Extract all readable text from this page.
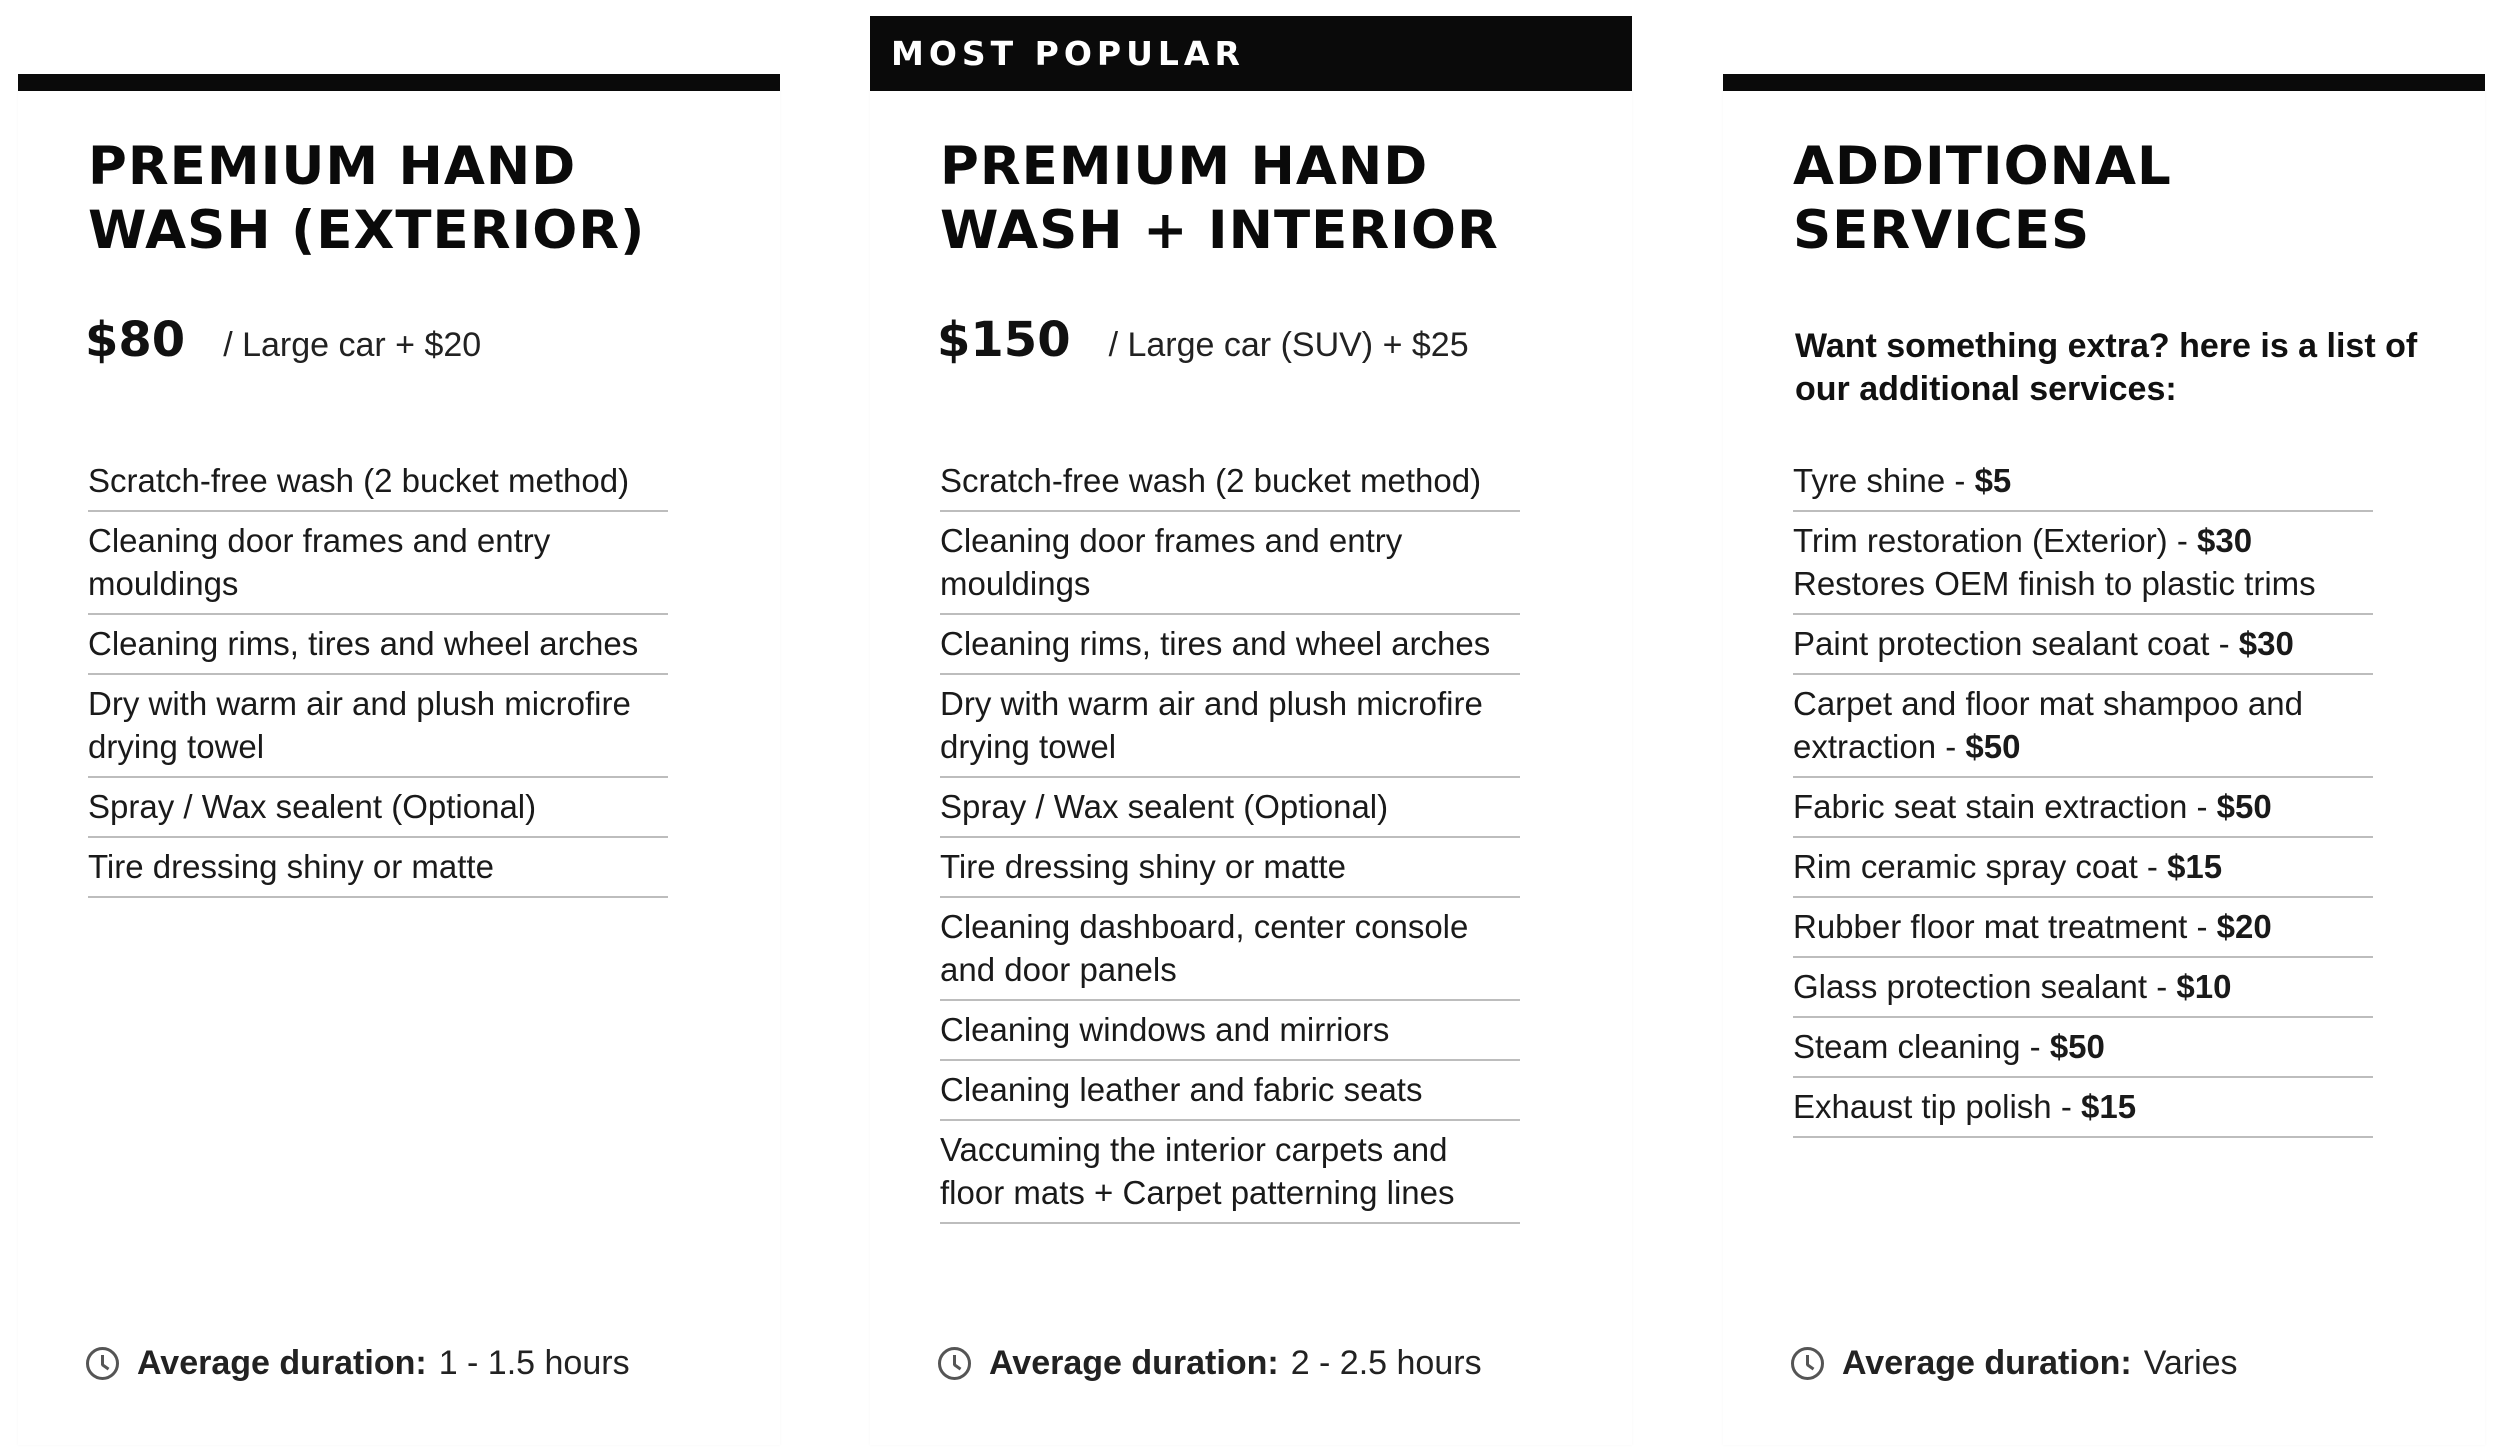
PREMIUM HAND
WASH (EXTERIOR)
$80 / Large car + $20
Scratch-free wash (2 bucket method)
Cleaning door frames and entry mouldings
Cleaning rims, tires and wheel arches
Dry with warm air and plush microfire drying towel
Spray / Wax sealent (Optional)
Tire dressing shiny or matte
Average duration: 1 - 1.5 hours
MOST POPULAR
PREMIUM HAND
WASH + INTERIOR
$150 / Large car (SUV) + $25
Scratch-free wash (2 bucket method)
Cleaning door frames and entry mouldings
Cleaning rims, tires and wheel arches
Dry with warm air and plush microfire drying towel
Spray / Wax sealent (Optional)
Tire dressing shiny or matte
Cleaning dashboard, center console and door panels
Cleaning windows and mirriors
Cleaning leather and fabric seats
Vaccuming the interior carpets and floor mats + Carpet patterning lines
Average duration: 2 - 2.5 hours
ADDITIONAL
SERVICES
Want something extra? here is a list of our additional services:
Tyre shine - $5
Trim restoration (Exterior) - $30
Restores OEM finish to plastic trims
Paint protection sealant coat - $30
Carpet and floor mat shampoo and extraction - $50
Fabric seat stain extraction - $50
Rim ceramic spray coat - $15
Rubber floor mat treatment - $20
Glass protection sealant - $10
Steam cleaning - $50
Exhaust tip polish - $15
Average duration: Varies
